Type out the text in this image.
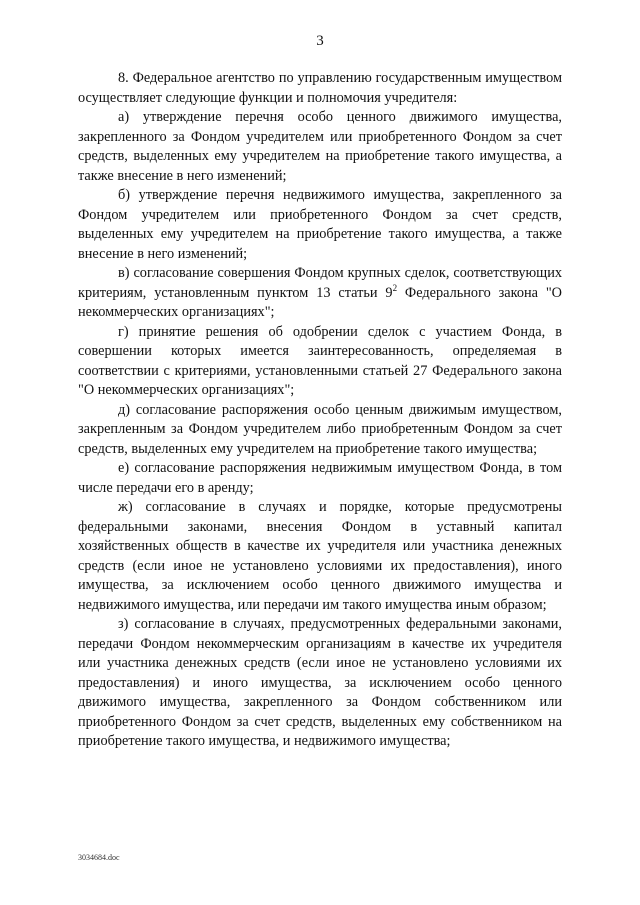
3

8. Федеральное агентство по управлению государственным имуществом осуществляет следующие функции и полномочия учредителя:

а) утверждение перечня особо ценного движимого имущества, закрепленного за Фондом учредителем или приобретенного Фондом за счет средств, выделенных ему учредителем на приобретение такого имущества, а также внесение в него изменений;

б) утверждение перечня недвижимого имущества, закрепленного за Фондом учредителем или приобретенного Фондом за счет средств, выделенных ему учредителем на приобретение такого имущества, а также внесение в него изменений;

в) согласование совершения Фондом крупных сделок, соответствующих критериям, установленным пунктом 13 статьи $9^2$ Федерального закона "О некоммерческих организациях";

г) принятие решения об одобрении сделок с участием Фонда, в совершении которых имеется заинтересованность, определяемая в соответствии с критериями, установленными статьей 27 Федерального закона "О некоммерческих организациях";

д) согласование распоряжения особо ценным движимым имуществом, закрепленным за Фондом учредителем либо приобретенным Фондом за счет средств, выделенных ему учредителем на приобретение такого имущества;

е) согласование распоряжения недвижимым имуществом Фонда, в том числе передачи его в аренду;

ж) согласование в случаях и порядке, которые предусмотрены федеральными законами, внесения Фондом в уставный капитал хозяйственных обществ в качестве их учредителя или участника денежных средств (если иное не установлено условиями их предоставления), иного имущества, за исключением особо ценного движимого имущества и недвижимого имущества, или передачи им такого имущества иным образом;

з) согласование в случаях, предусмотренных федеральными законами, передачи Фондом некоммерческим организациям в качестве их учредителя или участника денежных средств (если иное не установлено условиями их предоставления) и иного имущества, за исключением особо ценного движимого имущества, закрепленного за Фондом собственником или приобретенного Фондом за счет средств, выделенных ему собственником на приобретение такого имущества, и недвижимого имущества;

3034684.doc
